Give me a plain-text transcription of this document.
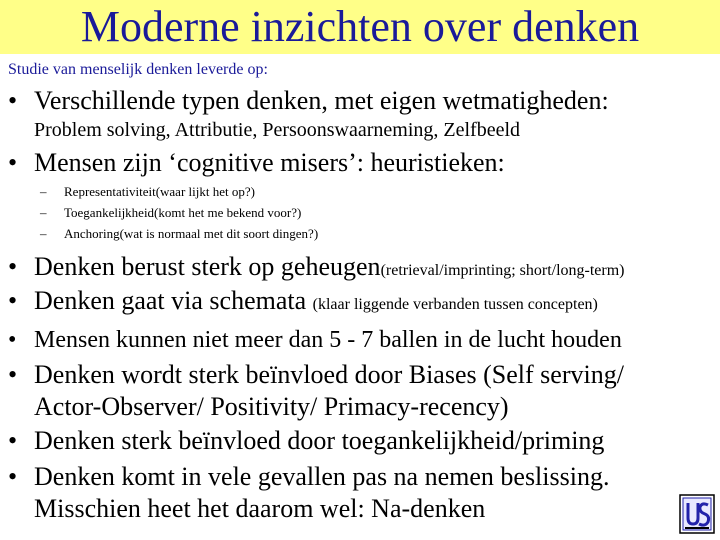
Moderne inzichten over denken
Studie van menselijk denken leverde op:
• Verschillende typen denken, met eigen wetmatigheden:
Problem solving, Attributie, Persoonswaarneming, Zelfbeeld
• Mensen zijn ‘cognitive misers’: heuristieken:
– Representativiteit(waar lijkt het op?)
– Toegankelijkheid(komt het me bekend voor?)
– Anchoring(wat is normaal met dit soort dingen?)
• Denken berust sterk op geheugen(retrieval/imprinting; short/long-term)
• Denken gaat via schemata (klaar liggende verbanden tussen concepten)
• Mensen kunnen niet meer dan 5 - 7 ballen in de lucht houden
• Denken wordt sterk beïnvloed door Biases (Self serving/
Actor-Observer/ Positivity/ Primacy-recency)
• Denken sterk beïnvloed door toegankelijkheid/priming
• Denken komt in vele gevallen pas na nemen beslissing.
Misschien heet het daarom wel: Na-denken
